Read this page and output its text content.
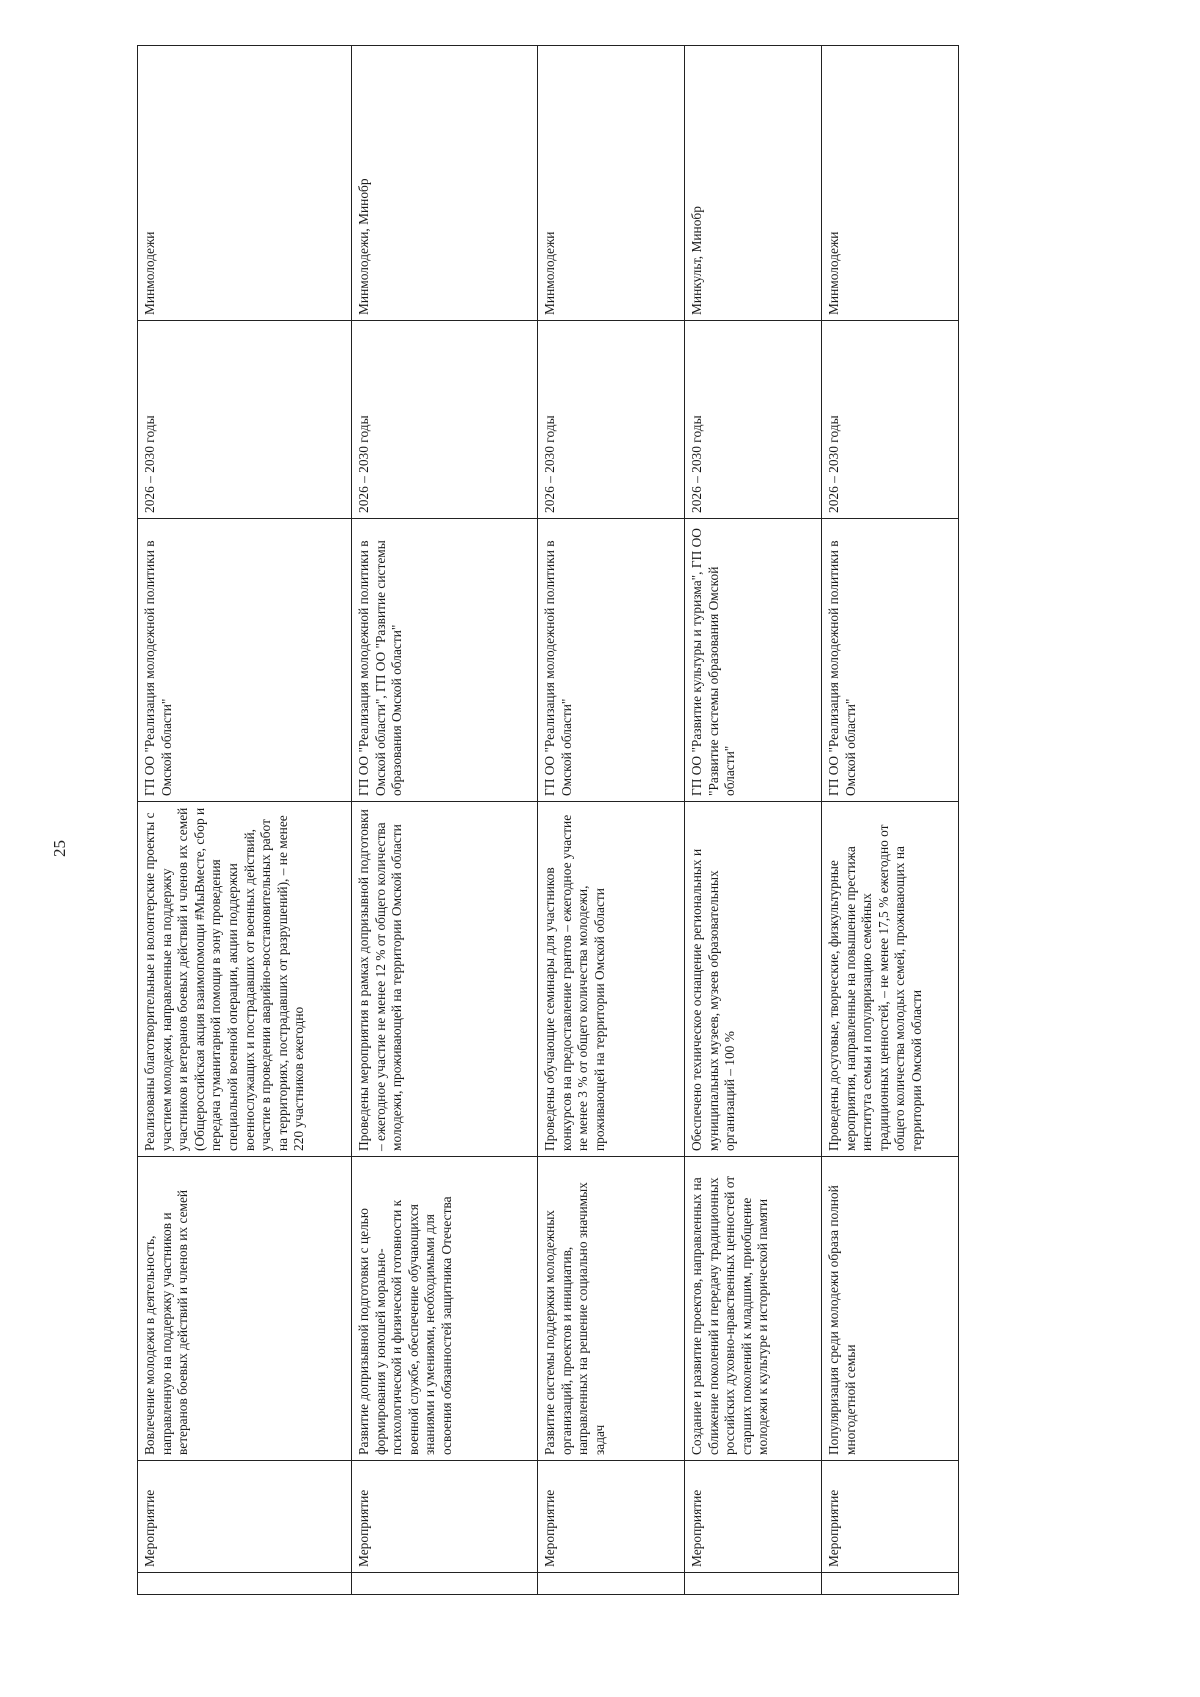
25
	Мероприятие	Вовлечение молодежи в деятельность, направленную на поддержку участников и ветеранов боевых действий и членов их семей	Реализованы благотворительные и волонтерские проекты с участием молодежи, направленные на поддержку участников и ветеранов боевых действий и членов их семей (Общероссийская акция взаимопомощи #МыВместе, сбор и передача гуманитарной помощи в зону проведения специальной военной операции, акции поддержки военнослужащих и пострадавших от военных действий, участие в проведении аварийно-восстановительных работ на территориях, пострадавших от разрушений), – не менее 220 участников ежегодно	ГП ОО "Реализация молодежной политики в Омской области"	2026 – 2030 годы	Минмолодежи
	Мероприятие	Развитие допризывной подготовки с целью формирования у юношей морально-психологической и физической готовности к военной службе, обеспечение обучающихся знаниями и умениями, необходимыми для освоения обязанностей защитника Отечества	Проведены мероприятия в рамках допризывной подготовки – ежегодное участие не менее 12 % от общего количества молодежи, проживающей на территории Омской области	ГП ОО "Реализация молодежной политики в Омской области", ГП ОО "Развитие системы образования Омской области"	2026 – 2030 годы	Минмолодежи, Минобр
	Мероприятие	Развитие системы поддержки молодежных организаций, проектов и инициатив, направленных на решение социально значимых задач	Проведены обучающие семинары для участников конкурсов на предоставление грантов – ежегодное участие не менее 3 % от общего количества молодежи, проживающей на территории Омской области	ГП ОО "Реализация молодежной политики в Омской области"	2026 – 2030 годы	Минмолодежи
	Мероприятие	Создание и развитие проектов, направленных на сближение поколений и передачу традиционных российских духовно-нравственных ценностей от старших поколений к младшим, приобщение молодежи к культуре и исторической памяти	Обеспечено техническое оснащение региональных и муниципальных музеев, музеев образовательных организаций – 100 %	ГП ОО "Развитие культуры и туризма", ГП ОО "Развитие системы образования Омской области"	2026 – 2030 годы	Минкульт, Минобр
	Мероприятие	Популяризация среди молодежи образа полной многодетной семьи	Проведены досуговые, творческие, физкультурные мероприятия, направленные на повышение престижа института семьи и популяризацию семейных традиционных ценностей, – не менее 17,5 % ежегодно от общего количества молодых семей, проживающих на территории Омской области	ГП ОО "Реализация молодежной политики в Омской области"	2026 – 2030 годы	Минмолодежи
